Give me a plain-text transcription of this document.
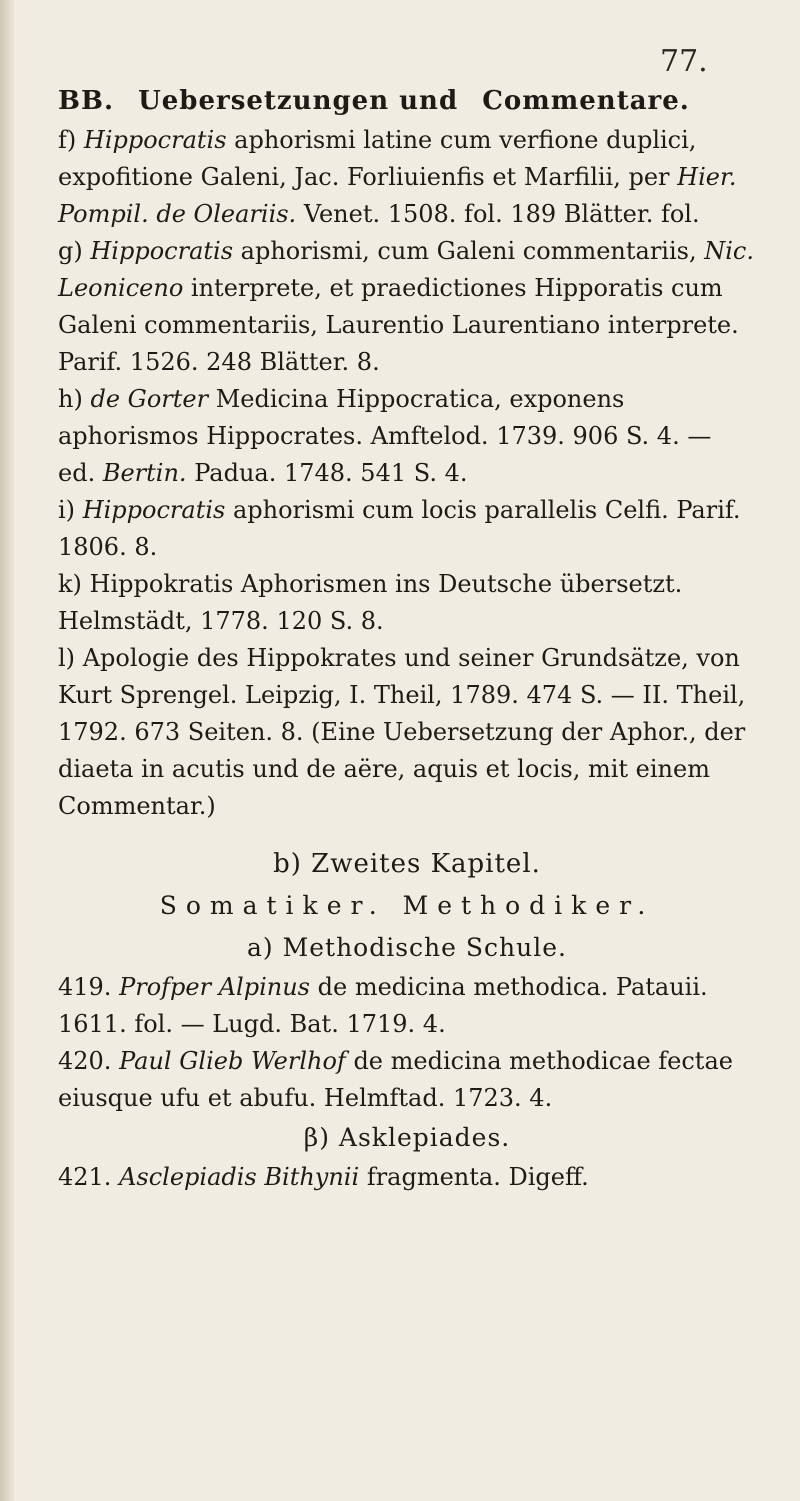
77.
BB. Uebersetzungen und Commentare.
f) Hippocratis aphorismi latine cum verfione duplici, expofitione Galeni, Jac. Forliuienfis et Marfilii, per Hier. Pompil. de Oleariis. Venet. 1508. fol. 189 Blätter. fol.
g) Hippocratis aphorismi, cum Galeni commentariis, Nic. Leoniceno interprete, et praedictiones Hipporatis cum Galeni commentariis, Laurentio Laurentiano interprete. Parif. 1526. 248 Blätter. 8.
h) de Gorter Medicina Hippocratica, exponens aphorismos Hippocrates. Amftelod. 1739. 906 S. 4. — ed. Bertin. Padua. 1748. 541 S. 4.
i) Hippocratis aphorismi cum locis parallelis Celfi. Parif. 1806. 8.
k) Hippokratis Aphorismen ins Deutsche übersetzt. Helmstädt, 1778. 120 S. 8.
l) Apologie des Hippokrates und seiner Grundsätze, von Kurt Sprengel. Leipzig, I. Theil, 1789. 474 S. — II. Theil, 1792. 673 Seiten. 8. (Eine Uebersetzung der Aphor., der diaeta in acutis und de aëre, aquis et locis, mit einem Commentar.)
b) Zweites Kapitel.
Somatiker. Methodiker.
a) Methodische Schule.
419. Profper Alpinus de medicina methodica. Patauii. 1611. fol. — Lugd. Bat. 1719. 4.
420. Paul Glieb Werlhof de medicina methodicae fectae eiusque ufu et abufu. Helmftad. 1723. 4.
β) Asklepiades.
421. Asclepiadis Bithynii fragmenta. Digeff.
